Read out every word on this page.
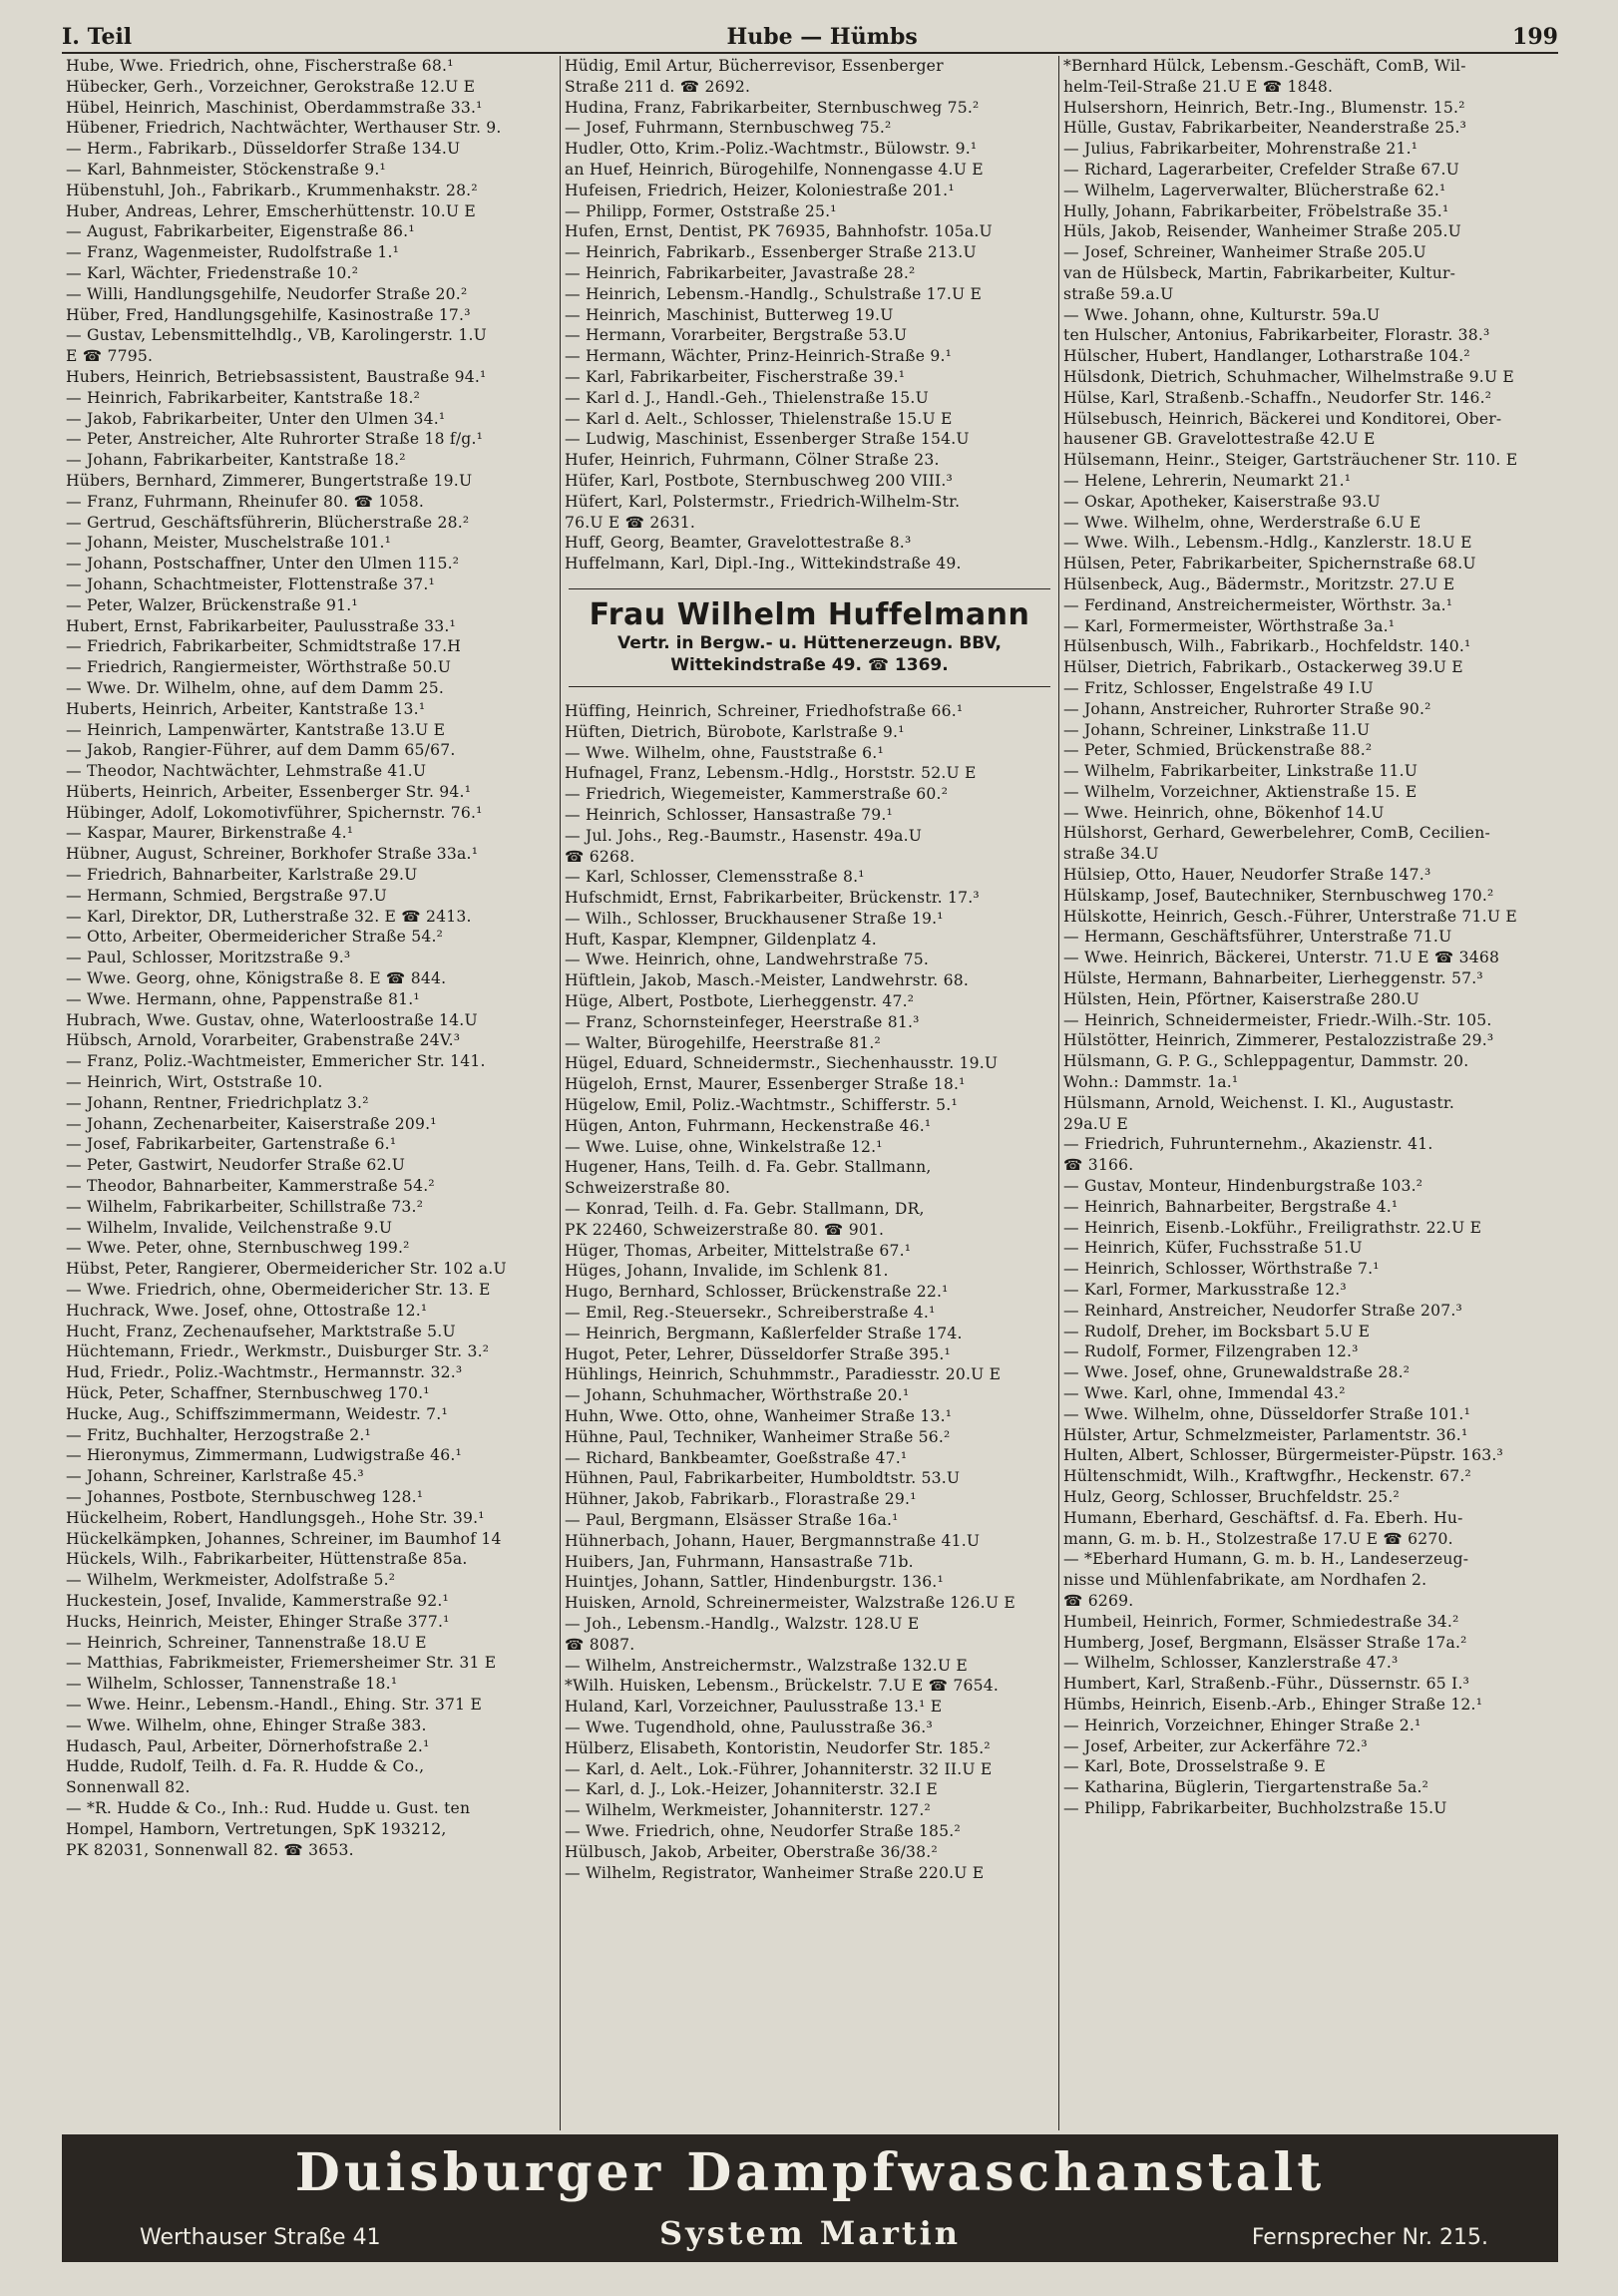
I. Teil	Hube — Hümbs	199
Hube, Wwe. Friedrich, ohne, Fischerstraße 68.¹
Hübecker, Gerh., Vorzeichner, Gerokstraße 12.U E
Hübel, Heinrich, Maschinist, Oberdammstraße 33.¹
Hübener, Friedrich, Nachtwächter, Werthauser Str. 9.
— Herm., Fabrikarb., Düsseldorfer Straße 134.U
— Karl, Bahnmeister, Stöckenstraße 9.¹
Hübenstuhl, Joh., Fabrikarb., Krummenhakstr. 28.²
Huber, Andreas, Lehrer, Emscherhüttenstr. 10.U E
— August, Fabrikarbeiter, Eigenstraße 86.¹
— Franz, Wagenmeister, Rudolfstraße 1.¹
— Karl, Wächter, Friedenstraße 10.²
— Willi, Handlungsgehilfe, Neudorfer Straße 20.²
Hüber, Fred, Handlungsgehilfe, Kasinostraße 17.³
— Gustav, Lebensmittelhdlg., VB, Karolingerstr. 1.U
E ☎ 7795.
Hubers, Heinrich, Betriebsassistent, Baustraße 94.¹
— Heinrich, Fabrikarbeiter, Kantstraße 18.²
— Jakob, Fabrikarbeiter, Unter den Ulmen 34.¹
— Peter, Anstreicher, Alte Ruhrorter Straße 18 f/g.¹
— Johann, Fabrikarbeiter, Kantstraße 18.²
Hübers, Bernhard, Zimmerer, Bungertstraße 19.U
— Franz, Fuhrmann, Rheinufer 80. ☎ 1058.
— Gertrud, Geschäftsführerin, Blücherstraße 28.²
— Johann, Meister, Muschelstraße 101.¹
— Johann, Postschaffner, Unter den Ulmen 115.²
— Johann, Schachtmeister, Flottenstraße 37.¹
— Peter, Walzer, Brückenstraße 91.¹
Hubert, Ernst, Fabrikarbeiter, Paulusstraße 33.¹
— Friedrich, Fabrikarbeiter, Schmidtstraße 17.H
— Friedrich, Rangiermeister, Wörthstraße 50.U
— Wwe. Dr. Wilhelm, ohne, auf dem Damm 25.
Huberts, Heinrich, Arbeiter, Kantstraße 13.¹
— Heinrich, Lampenwärter, Kantstraße 13.U E
— Jakob, Rangier-Führer, auf dem Damm 65/67.
— Theodor, Nachtwächter, Lehmstraße 41.U
Hüberts, Heinrich, Arbeiter, Essenberger Str. 94.¹
Hübinger, Adolf, Lokomotivführer, Spichernstr. 76.¹
— Kaspar, Maurer, Birkenstraße 4.¹
Hübner, August, Schreiner, Borkhofer Straße 33a.¹
— Friedrich, Bahnarbeiter, Karlstraße 29.U
— Hermann, Schmied, Bergstraße 97.U
— Karl, Direktor, DR, Lutherstraße 32. E ☎ 2413.
— Otto, Arbeiter, Obermeidericher Straße 54.²
— Paul, Schlosser, Moritzstraße 9.³
— Wwe. Georg, ohne, Königstraße 8. E ☎ 844.
— Wwe. Hermann, ohne, Pappenstraße 81.¹
Hubrach, Wwe. Gustav, ohne, Waterloostraße 14.U
Hübsch, Arnold, Vorarbeiter, Grabenstraße 24V.³
— Franz, Poliz.-Wachtmeister, Emmericher Str. 141.
— Heinrich, Wirt, Oststraße 10.
— Johann, Rentner, Friedrichplatz 3.²
— Johann, Zechenarbeiter, Kaiserstraße 209.¹
— Josef, Fabrikarbeiter, Gartenstraße 6.¹
— Peter, Gastwirt, Neudorfer Straße 62.U
— Theodor, Bahnarbeiter, Kammerstraße 54.²
— Wilhelm, Fabrikarbeiter, Schillstraße 73.²
— Wilhelm, Invalide, Veilchenstraße 9.U
— Wwe. Peter, ohne, Sternbuschweg 199.²
Hübst, Peter, Rangierer, Obermeidericher Str. 102 a.U
— Wwe. Friedrich, ohne, Obermeidericher Str. 13. E
Huchrack, Wwe. Josef, ohne, Ottostraße 12.¹
Hucht, Franz, Zechenaufseher, Marktstraße 5.U
Hüchtemann, Friedr., Werkmstr., Duisburger Str. 3.²
Hud, Friedr., Poliz.-Wachtmstr., Hermannstr. 32.³
Hück, Peter, Schaffner, Sternbuschweg 170.¹
Hucke, Aug., Schiffszimmermann, Weidestr. 7.¹
— Fritz, Buchhalter, Herzogstraße 2.¹
— Hieronymus, Zimmermann, Ludwigstraße 46.¹
— Johann, Schreiner, Karlstraße 45.³
— Johannes, Postbote, Sternbuschweg 128.¹
Hückelheim, Robert, Handlungsgeh., Hohe Str. 39.¹
Hückelkämpken, Johannes, Schreiner, im Baumhof 14
Hückels, Wilh., Fabrikarbeiter, Hüttenstraße 85a.
— Wilhelm, Werkmeister, Adolfstraße 5.²
Huckestein, Josef, Invalide, Kammerstraße 92.¹
Hucks, Heinrich, Meister, Ehinger Straße 377.¹
— Heinrich, Schreiner, Tannenstraße 18.U E
— Matthias, Fabrikmeister, Friemersheimer Str. 31 E
— Wilhelm, Schlosser, Tannenstraße 18.¹
— Wwe. Heinr., Lebensm.-Handl., Ehing. Str. 371 E
— Wwe. Wilhelm, ohne, Ehinger Straße 383.
Hudasch, Paul, Arbeiter, Dörnerhofstraße 2.¹
Hudde, Rudolf, Teilh. d. Fa. R. Hudde & Co.,
Sonnenwall 82.
— *R. Hudde & Co., Inh.: Rud. Hudde u. Gust. ten
Hompel, Hamborn, Vertretungen, SpK 193212,
PK 82031, Sonnenwall 82. ☎ 3653.
Hüdig, Emil Artur, Bücherrevisor, Essenberger
Straße 211 d. ☎ 2692.
Hudina, Franz, Fabrikarbeiter, Sternbuschweg 75.²
— Josef, Fuhrmann, Sternbuschweg 75.²
Hudler, Otto, Krim.-Poliz.-Wachtmstr., Bülowstr. 9.¹
an Huef, Heinrich, Bürogehilfe, Nonnengasse 4.U E
Hufeisen, Friedrich, Heizer, Koloniestraße 201.¹
— Philipp, Former, Oststraße 25.¹
Hufen, Ernst, Dentist, PK 76935, Bahnhofstr. 105a.U
— Heinrich, Fabrikarb., Essenberger Straße 213.U
— Heinrich, Fabrikarbeiter, Javastraße 28.²
— Heinrich, Lebensm.-Handlg., Schulstraße 17.U E
— Heinrich, Maschinist, Butterweg 19.U
— Hermann, Vorarbeiter, Bergstraße 53.U
— Hermann, Wächter, Prinz-Heinrich-Straße 9.¹
— Karl, Fabrikarbeiter, Fischerstraße 39.¹
— Karl d. J., Handl.-Geh., Thielenstraße 15.U
— Karl d. Aelt., Schlosser, Thielenstraße 15.U E
— Ludwig, Maschinist, Essenberger Straße 154.U
Hufer, Heinrich, Fuhrmann, Cölner Straße 23.
Hüfer, Karl, Postbote, Sternbuschweg 200 VIII.³
Hüfert, Karl, Polstermstr., Friedrich-Wilhelm-Str.
76.U E ☎ 2631.
Huff, Georg, Beamter, Gravelottestraße 8.³
Huffelmann, Karl, Dipl.-Ing., Wittekindstraße 49.
Frau Wilhelm Huffelmann
Vertr. in Bergw.- u. Hüttenerzeugn. BBV,
Wittekindstraße 49. ☎ 1369.
Hüffing, Heinrich, Schreiner, Friedhofstraße 66.¹
Hüften, Dietrich, Bürobote, Karlstraße 9.¹
— Wwe. Wilhelm, ohne, Fauststraße 6.¹
Hufnagel, Franz, Lebensm.-Hdlg., Horststr. 52.U E
— Friedrich, Wiegemeister, Kammerstraße 60.²
— Heinrich, Schlosser, Hansastraße 79.¹
— Jul. Johs., Reg.-Baumstr., Hasenstr. 49a.U
☎ 6268.
— Karl, Schlosser, Clemensstraße 8.¹
Hufschmidt, Ernst, Fabrikarbeiter, Brückenstr. 17.³
— Wilh., Schlosser, Bruckhausener Straße 19.¹
Huft, Kaspar, Klempner, Gildenplatz 4.
— Wwe. Heinrich, ohne, Landwehrstraße 75.
Hüftlein, Jakob, Masch.-Meister, Landwehrstr. 68.
Hüge, Albert, Postbote, Lierheggenstr. 47.²
— Franz, Schornsteinfeger, Heerstraße 81.³
— Walter, Bürogehilfe, Heerstraße 81.²
Hügel, Eduard, Schneidermstr., Siechenhausstr. 19.U
Hügeloh, Ernst, Maurer, Essenberger Straße 18.¹
Hügelow, Emil, Poliz.-Wachtmstr., Schifferstr. 5.¹
Hügen, Anton, Fuhrmann, Heckenstraße 46.¹
— Wwe. Luise, ohne, Winkelstraße 12.¹
Hugener, Hans, Teilh. d. Fa. Gebr. Stallmann,
Schweizerstraße 80.
— Konrad, Teilh. d. Fa. Gebr. Stallmann, DR,
PK 22460, Schweizerstraße 80. ☎ 901.
Hüger, Thomas, Arbeiter, Mittelstraße 67.¹
Hüges, Johann, Invalide, im Schlenk 81.
Hugo, Bernhard, Schlosser, Brückenstraße 22.¹
— Emil, Reg.-Steuersekr., Schreiberstraße 4.¹
— Heinrich, Bergmann, Kaßlerfelder Straße 174.
Hugot, Peter, Lehrer, Düsseldorfer Straße 395.¹
Hühlings, Heinrich, Schuhmmstr., Paradiesstr. 20.U E
— Johann, Schuhmacher, Wörthstraße 20.¹
Huhn, Wwe. Otto, ohne, Wanheimer Straße 13.¹
Hühne, Paul, Techniker, Wanheimer Straße 56.²
— Richard, Bankbeamter, Goeßstraße 47.¹
Hühnen, Paul, Fabrikarbeiter, Humboldtstr. 53.U
Hühner, Jakob, Fabrikarb., Florastraße 29.¹
— Paul, Bergmann, Elsässer Straße 16a.¹
Hühnerbach, Johann, Hauer, Bergmannstraße 41.U
Huibers, Jan, Fuhrmann, Hansastraße 71b.
Huintjes, Johann, Sattler, Hindenburgstr. 136.¹
Huisken, Arnold, Schreinermeister, Walzstraße 126.U E
— Joh., Lebensm.-Handlg., Walzstr. 128.U E
☎ 8087.
— Wilhelm, Anstreichermstr., Walzstraße 132.U E
*Wilh. Huisken, Lebensm., Brückelstr. 7.U E ☎ 7654.
Huland, Karl, Vorzeichner, Paulusstraße 13.¹ E
— Wwe. Tugendhold, ohne, Paulusstraße 36.³
Hülberz, Elisabeth, Kontoristin, Neudorfer Str. 185.²
— Karl, d. Aelt., Lok.-Führer, Johanniterstr. 32 II.U E
— Karl, d. J., Lok.-Heizer, Johanniterstr. 32.I E
— Wilhelm, Werkmeister, Johanniterstr. 127.²
— Wwe. Friedrich, ohne, Neudorfer Straße 185.²
Hülbusch, Jakob, Arbeiter, Oberstraße 36/38.²
— Wilhelm, Registrator, Wanheimer Straße 220.U E
*Bernhard Hülck, Lebensm.-Geschäft, ComB, Wil-
helm-Teil-Straße 21.U E ☎ 1848.
Hulsershorn, Heinrich, Betr.-Ing., Blumenstr. 15.²
Hülle, Gustav, Fabrikarbeiter, Neanderstraße 25.³
— Julius, Fabrikarbeiter, Mohrenstraße 21.¹
— Richard, Lagerarbeiter, Crefelder Straße 67.U
— Wilhelm, Lagerverwalter, Blücherstraße 62.¹
Hully, Johann, Fabrikarbeiter, Fröbelstraße 35.¹
Hüls, Jakob, Reisender, Wanheimer Straße 205.U
— Josef, Schreiner, Wanheimer Straße 205.U
van de Hülsbeck, Martin, Fabrikarbeiter, Kultur-
straße 59.a.U
— Wwe. Johann, ohne, Kulturstr. 59a.U
ten Hulscher, Antonius, Fabrikarbeiter, Florastr. 38.³
Hülscher, Hubert, Handlanger, Lotharstraße 104.²
Hülsdonk, Dietrich, Schuhmacher, Wilhelmstraße 9.U E
Hülse, Karl, Straßenb.-Schaffn., Neudorfer Str. 146.²
Hülsebusch, Heinrich, Bäckerei und Konditorei, Ober-
hausener GB. Gravelottestraße 42.U E
Hülsemann, Heinr., Steiger, Gartsträuchener Str. 110. E
— Helene, Lehrerin, Neumarkt 21.¹
— Oskar, Apotheker, Kaiserstraße 93.U
— Wwe. Wilhelm, ohne, Werderstraße 6.U E
— Wwe. Wilh., Lebensm.-Hdlg., Kanzlerstr. 18.U E
Hülsen, Peter, Fabrikarbeiter, Spichernstraße 68.U
Hülsenbeck, Aug., Bädermstr., Moritzstr. 27.U E
— Ferdinand, Anstreichermeister, Wörthstr. 3a.¹
— Karl, Formermeister, Wörthstraße 3a.¹
Hülsenbusch, Wilh., Fabrikarb., Hochfeldstr. 140.¹
Hülser, Dietrich, Fabrikarb., Ostackerweg 39.U E
— Fritz, Schlosser, Engelstraße 49 I.U
— Johann, Anstreicher, Ruhrorter Straße 90.²
— Johann, Schreiner, Linkstraße 11.U
— Peter, Schmied, Brückenstraße 88.²
— Wilhelm, Fabrikarbeiter, Linkstraße 11.U
— Wilhelm, Vorzeichner, Aktienstraße 15. E
— Wwe. Heinrich, ohne, Bökenhof 14.U
Hülshorst, Gerhard, Gewerbelehrer, ComB, Cecilien-
straße 34.U
Hülsiep, Otto, Hauer, Neudorfer Straße 147.³
Hülskamp, Josef, Bautechniker, Sternbuschweg 170.²
Hülskotte, Heinrich, Gesch.-Führer, Unterstraße 71.U E
— Hermann, Geschäftsführer, Unterstraße 71.U
— Wwe. Heinrich, Bäckerei, Unterstr. 71.U E ☎ 3468
Hülste, Hermann, Bahnarbeiter, Lierheggenstr. 57.³
Hülsten, Hein, Pförtner, Kaiserstraße 280.U
— Heinrich, Schneidermeister, Friedr.-Wilh.-Str. 105.
Hülstötter, Heinrich, Zimmerer, Pestalozzistraße 29.³
Hülsmann, G. P. G., Schleppagentur, Dammstr. 20.
Wohn.: Dammstr. 1a.¹
Hülsmann, Arnold, Weichenst. I. Kl., Augustastr.
29a.U E
— Friedrich, Fuhrunternehm., Akazienstr. 41.
☎ 3166.
— Gustav, Monteur, Hindenburgstraße 103.²
— Heinrich, Bahnarbeiter, Bergstraße 4.¹
— Heinrich, Eisenb.-Lokführ., Freiligrathstr. 22.U E
— Heinrich, Küfer, Fuchsstraße 51.U
— Heinrich, Schlosser, Wörthstraße 7.¹
— Karl, Former, Markusstraße 12.³
— Reinhard, Anstreicher, Neudorfer Straße 207.³
— Rudolf, Dreher, im Bocksbart 5.U E
— Rudolf, Former, Filzengraben 12.³
— Wwe. Josef, ohne, Grunewaldstraße 28.²
— Wwe. Karl, ohne, Immendal 43.²
— Wwe. Wilhelm, ohne, Düsseldorfer Straße 101.¹
Hülster, Artur, Schmelzmeister, Parlamentstr. 36.¹
Hulten, Albert, Schlosser, Bürgermeister-Püpstr. 163.³
Hültenschmidt, Wilh., Kraftwgfhr., Heckenstr. 67.²
Hulz, Georg, Schlosser, Bruchfeldstr. 25.²
Humann, Eberhard, Geschäftsf. d. Fa. Eberh. Hu-
mann, G. m. b. H., Stolzestraße 17.U E ☎ 6270.
— *Eberhard Humann, G. m. b. H., Landeserzeug-
nisse und Mühlenfabrikate, am Nordhafen 2.
☎ 6269.
Humbeil, Heinrich, Former, Schmiedestraße 34.²
Humberg, Josef, Bergmann, Elsässer Straße 17a.²
— Wilhelm, Schlosser, Kanzlerstraße 47.³
Humbert, Karl, Straßenb.-Führ., Düssernstr. 65 I.³
Hümbs, Heinrich, Eisenb.-Arb., Ehinger Straße 12.¹
— Heinrich, Vorzeichner, Ehinger Straße 2.¹
— Josef, Arbeiter, zur Ackerfähre 72.³
— Karl, Bote, Drosselstraße 9. E
— Katharina, Büglerin, Tiergartenstraße 5a.²
— Philipp, Fabrikarbeiter, Buchholzstraße 15.U
Duisburger Dampfwaschanstalt
Werthauser Straße 41	System Martin	Fernsprecher Nr. 215.
